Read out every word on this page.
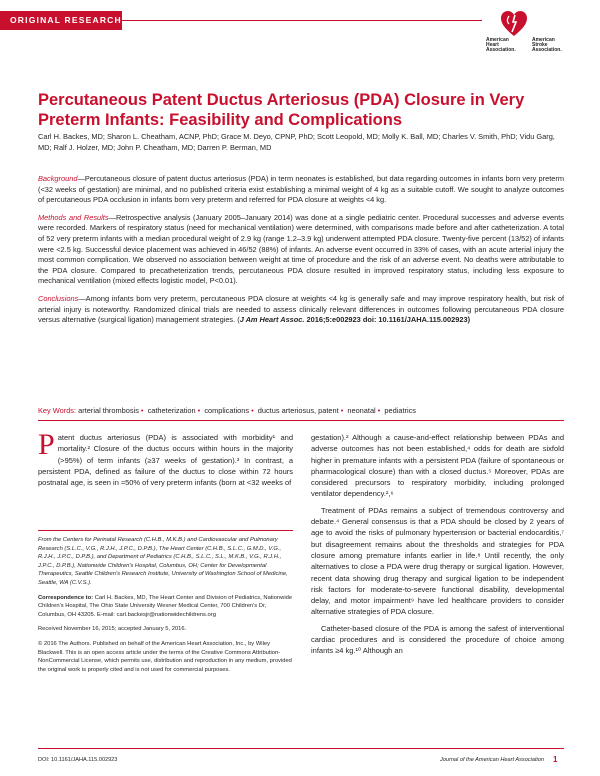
ORIGINAL RESEARCH
American
Heart
Association.
American
Stroke
Association.
Percutaneous Patent Ductus Arteriosus (PDA) Closure in Very Preterm Infants: Feasibility and Complications
Carl H. Backes, MD; Sharon L. Cheatham, ACNP, PhD; Grace M. Deyo, CPNP, PhD; Scott Leopold, MD; Molly K. Ball, MD; Charles V. Smith, PhD; Vidu Garg, MD; Ralf J. Holzer, MD; John P. Cheatham, MD; Darren P. Berman, MD

Background—Percutaneous closure of patent ductus arteriosus (PDA) in term neonates is established, but data regarding outcomes in infants born very preterm (<32 weeks of gestation) are minimal, and no published criteria exist establishing a minimal weight of 4 kg as a suitable cutoff. We sought to analyze outcomes of percutaneous PDA occlusion in infants born very preterm and referred for PDA closure at weights <4 kg.

Methods and Results—Retrospective analysis (January 2005–January 2014) was done at a single pediatric center. Procedural successes and adverse events were recorded. Markers of respiratory status (need for mechanical ventilation) were determined, with comparisons made before and after catheterization. A total of 52 very preterm infants with a median procedural weight of 2.9 kg (range 1.2–3.9 kg) underwent attempted PDA closure. Twenty-five percent (13/52) of infants were <2.5 kg. Successful device placement was achieved in 46/52 (88%) of infants. An adverse event occurred in 33% of cases, with an acute arterial injury the most common complication. We observed no association between weight at time of procedure and the risk of an adverse event. No deaths were attributable to the PDA closure. Compared to precatheterization trends, percutaneous PDA closure resulted in improved respiratory status, including less exposure to mechanical ventilation (mixed effects logistic model, P<0.01).

Conclusions—Among infants born very preterm, percutaneous PDA closure at weights <4 kg is generally safe and may improve respiratory health, but risk of arterial injury is noteworthy. Randomized clinical trials are needed to assess clinically relevant differences in outcomes following percutaneous PDA closure versus alternative (surgical ligation) management strategies. (J Am Heart Assoc. 2016;5:e002923 doi: 10.1161/JAHA.115.002923)

Key Words: arterial thrombosis • catheterization • complications • ductus arteriosus, patent • neonatal • pediatrics

Patent ductus arteriosus (PDA) is associated with morbidity¹ and mortality.² Closure of the ductus occurs within hours in the majority (>95%) of term infants (≥37 weeks of gestation).³ In contrast, a persistent PDA, defined as failure of the ductus to close within 72 hours postnatal age, is seen in ≈50% of very preterm infants (born at <32 weeks of

gestation).² Although a cause-and-effect relationship between PDAs and adverse outcomes has not been established,⁴ odds for death are sixfold higher in premature infants with a persistent PDA (failure of spontaneous or pharmacological closure) than with a closed ductus.⁵ Moreover, PDAs are considered precursors to respiratory morbidity, including prolonged ventilator dependency.²,⁶

Treatment of PDAs remains a subject of tremendous controversy and debate.⁴ General consensus is that a PDA should be closed by 2 years of age to avoid the risks of pulmonary hypertension or bacterial endocarditis,⁷ but disagreement remains about the thresholds and strategies for PDA closure among premature infants earlier in life.⁸ Until recently, the only alternatives to close a PDA were drug therapy or surgical ligation. However, recent data showing drug therapy and surgical ligation to be independent risk factors for moderate-to-severe functional disability, developmental delay, and motor impairment⁹ have led healthcare providers to consider alternative strategies of PDA closure.

Catheter-based closure of the PDA is among the safest of interventional cardiac procedures and is considered the procedure of choice among infants ≥4 kg.¹⁰ Although an

From the Centers for Perinatal Research (C.H.B., M.K.B.) and Cardiovascular and Pulmonary Research (S.L.C., V.G., R.J.H., J.P.C., D.P.B.), The Heart Center (C.H.B., S.L.C., G.M.D., V.G., R.J.H., J.P.C., D.P.B.), and Department of Pediatrics (C.H.B., S.L.C., S.L., M.K.B., V.G., R.J.H., J.P.C., D.P.B.), Nationwide Children's Hospital, Columbus, OH; Center for Developmental Therapeutics, Seattle Children's Research Institute, University of Washington School of Medicine, Seattle, WA (C.V.S.).

Correspondence to: Carl H. Backes, MD, The Heart Center and Division of Pediatrics, Nationwide Children's Hospital, The Ohio State University Wexner Medical Center, 700 Children's Dr, Columbus, OH 43205. E-mail: carl.backesjr@nationwidechildrens.org

Received November 16, 2015; accepted January 5, 2016.

© 2016 The Authors. Published on behalf of the American Heart Association, Inc., by Wiley Blackwell. This is an open access article under the terms of the Creative Commons Attribution-NonCommercial License, which permits use, distribution and reproduction in any medium, provided the original work is properly cited and is not used for commercial purposes.

DOI: 10.1161/JAHA.115.002923	Journal of the American Heart Association 1
